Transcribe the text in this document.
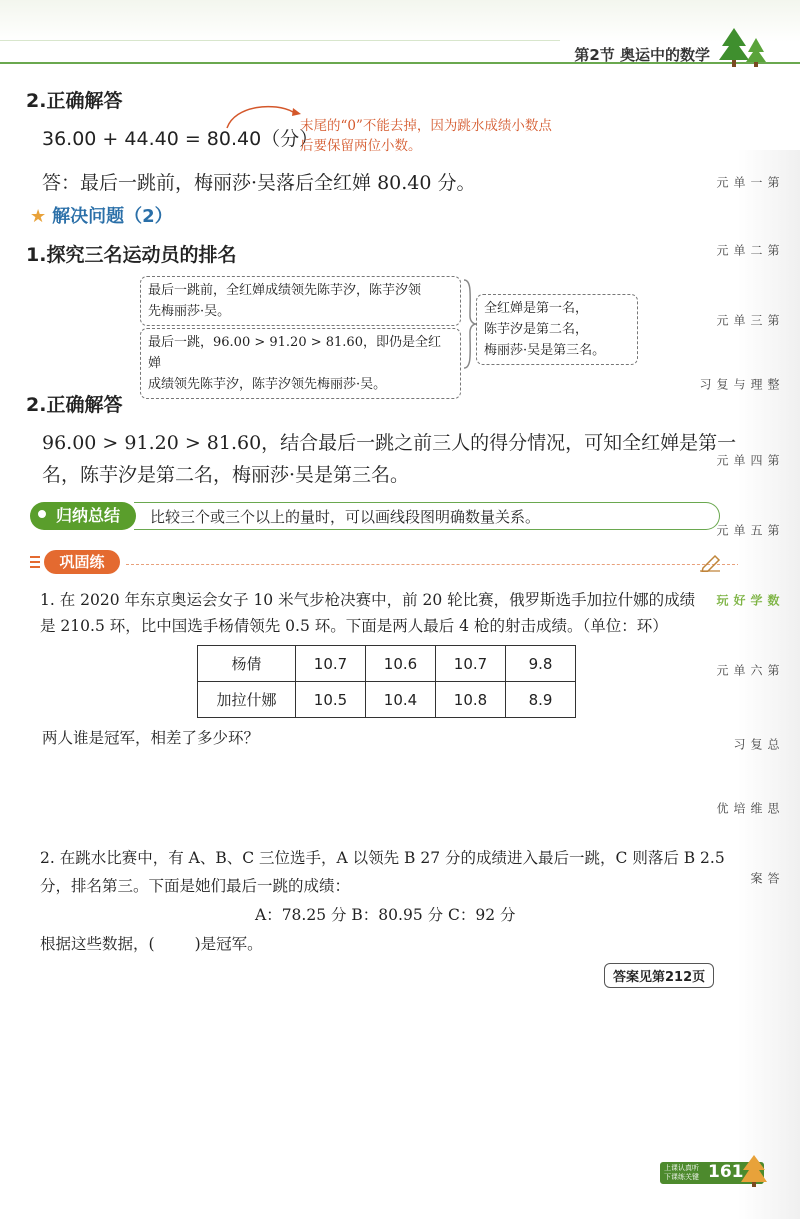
第2节 奥运中的数学
2.正确解答
36.00 + 44.40 = 80.40（分）
末尾的“0”不能去掉，因为跳水成绩小数点
后要保留两位小数。
答：最后一跳前，梅丽莎·吴落后全红婵 80.40 分。
★ 解决问题（2）
1.探究三名运动员的排名
最后一跳前，全红婵成绩领先陈芋汐，陈芋汐领
先梅丽莎·吴。
最后一跳，96.00 > 91.20 > 81.60，即仍是全红婵
成绩领先陈芋汐，陈芋汐领先梅丽莎·吴。
全红婵是第一名，
陈芋汐是第二名，
梅丽莎·吴是第三名。
2.正确解答
96.00 > 91.20 > 81.60，结合最后一跳之前三人的得分情况，可知全红婵是第一
名，陈芋汐是第二名，梅丽莎·吴是第三名。
归纳总结	比较三个或三个以上的量时，可以画线段图明确数量关系。
巩固练
1. 在 2020 年东京奥运会女子 10 米气步枪决赛中，前 20 轮比赛，俄罗斯选手加拉什娜的成绩
是 210.5 环，比中国选手杨倩领先 0.5 环。下面是两人最后 4 枪的射击成绩。（单位：环）
杨倩	10.7	10.6	10.7	9.8
加拉什娜	10.5	10.4	10.8	8.9
两人谁是冠军，相差了多少环？
2. 在跳水比赛中，有 A、B、C 三位选手，A 以领先 B 27 分的成绩进入最后一跳，C 则落后 B 2.5
分，排名第三。下面是她们最后一跳的成绩：
A：78.25 分 B：80.95 分 C：92 分
根据这些数据，(	)是冠军。
答案见第212页
第一单元
第二单元
第三单元
整理与复习
第四单元
第五单元
数学好玩
第六单元
总复习
思维培优
答案
上课认真听
下课练关键 161
